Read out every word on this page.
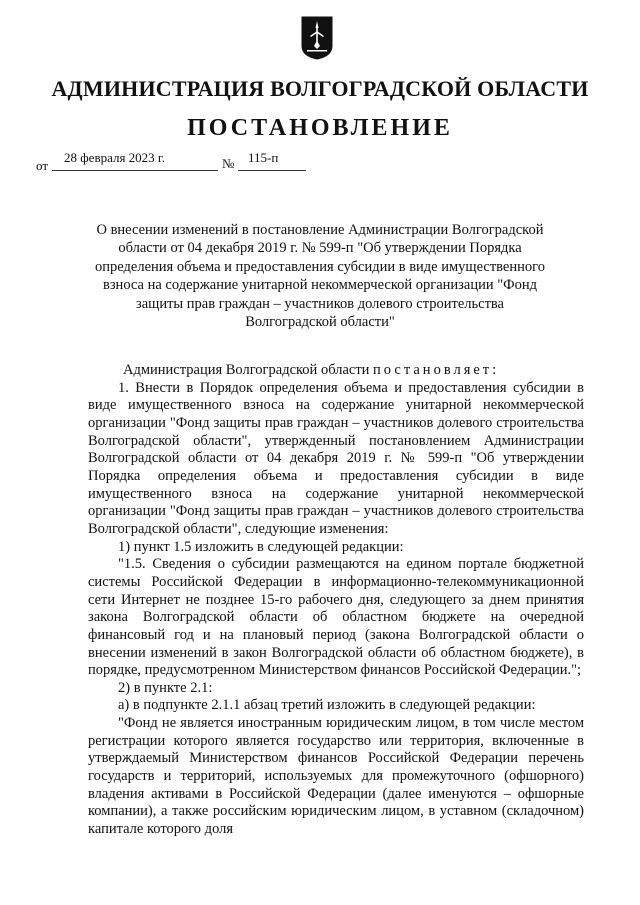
АДМИНИСТРАЦИЯ ВОЛГОГРАДСКОЙ ОБЛАСТИ
ПОСТАНОВЛЕНИЕ
от
28 февраля 2023 г.	№ 115-п
О внесении изменений в постановление Администрации Волгоградской области от 04 декабря 2019 г. № 599-п "Об утверждении Порядка определения объема и предоставления субсидии в виде имущественного взноса на содержание унитарной некоммерческой организации "Фонд защиты прав граждан – участников долевого строительства Волгоградской области"

Администрация Волгоградской области постановляет:

1. Внести в Порядок определения объема и предоставления субсидии в виде имущественного взноса на содержание унитарной некоммерческой организации "Фонд защиты прав граждан – участников долевого строительства Волгоградской области", утвержденный постановлением Администрации Волгоградской области от 04 декабря 2019 г. № 599-п "Об утверждении Порядка определения объема и предоставления субсидии в виде имущественного взноса на содержание унитарной некоммерческой организации "Фонд защиты прав граждан – участников долевого строительства Волгоградской области", следующие изменения:

1) пункт 1.5 изложить в следующей редакции:

"1.5. Сведения о субсидии размещаются на едином портале бюджетной системы Российской Федерации в информационно-телекоммуникационной сети Интернет не позднее 15-го рабочего дня, следующего за днем принятия закона Волгоградской области об областном бюджете на очередной финансовый год и на плановый период (закона Волгоградской области о внесении изменений в закон Волгоградской области об областном бюджете), в порядке, предусмотренном Министерством финансов Российской Федерации.";

2) в пункте 2.1:

а) в подпункте 2.1.1 абзац третий изложить в следующей редакции:

"Фонд не является иностранным юридическим лицом, в том числе местом регистрации которого является государство или территория, включенные в утверждаемый Министерством финансов Российской Федерации перечень государств и территорий, используемых для промежуточного (офшорного) владения активами в Российской Федерации (далее именуются – офшорные компании), а также российским юридическим лицом, в уставном (складочном) капитале которого доля
